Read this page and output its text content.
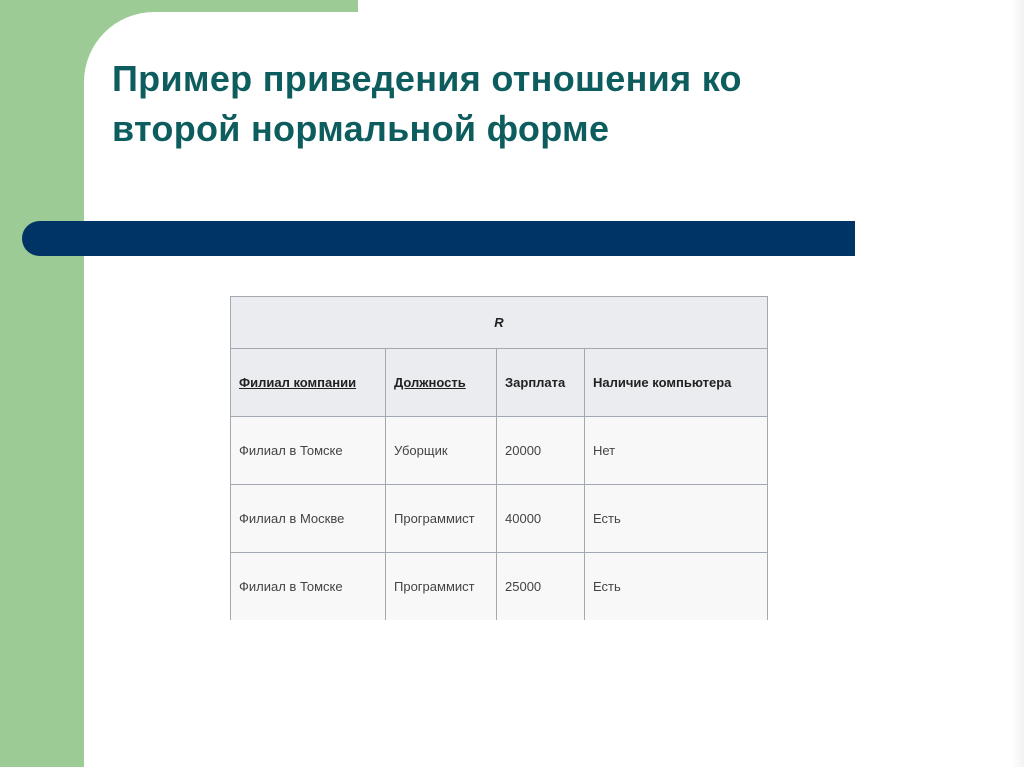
Пример приведения отношения ко второй нормальной форме
R			
Филиал компании	Должность	Зарплата	Наличие компьютера
Филиал в Томске	Уборщик	20000	Нет
Филиал в Москве	Программист	40000	Есть
Филиал в Томске	Программист	25000	Есть
